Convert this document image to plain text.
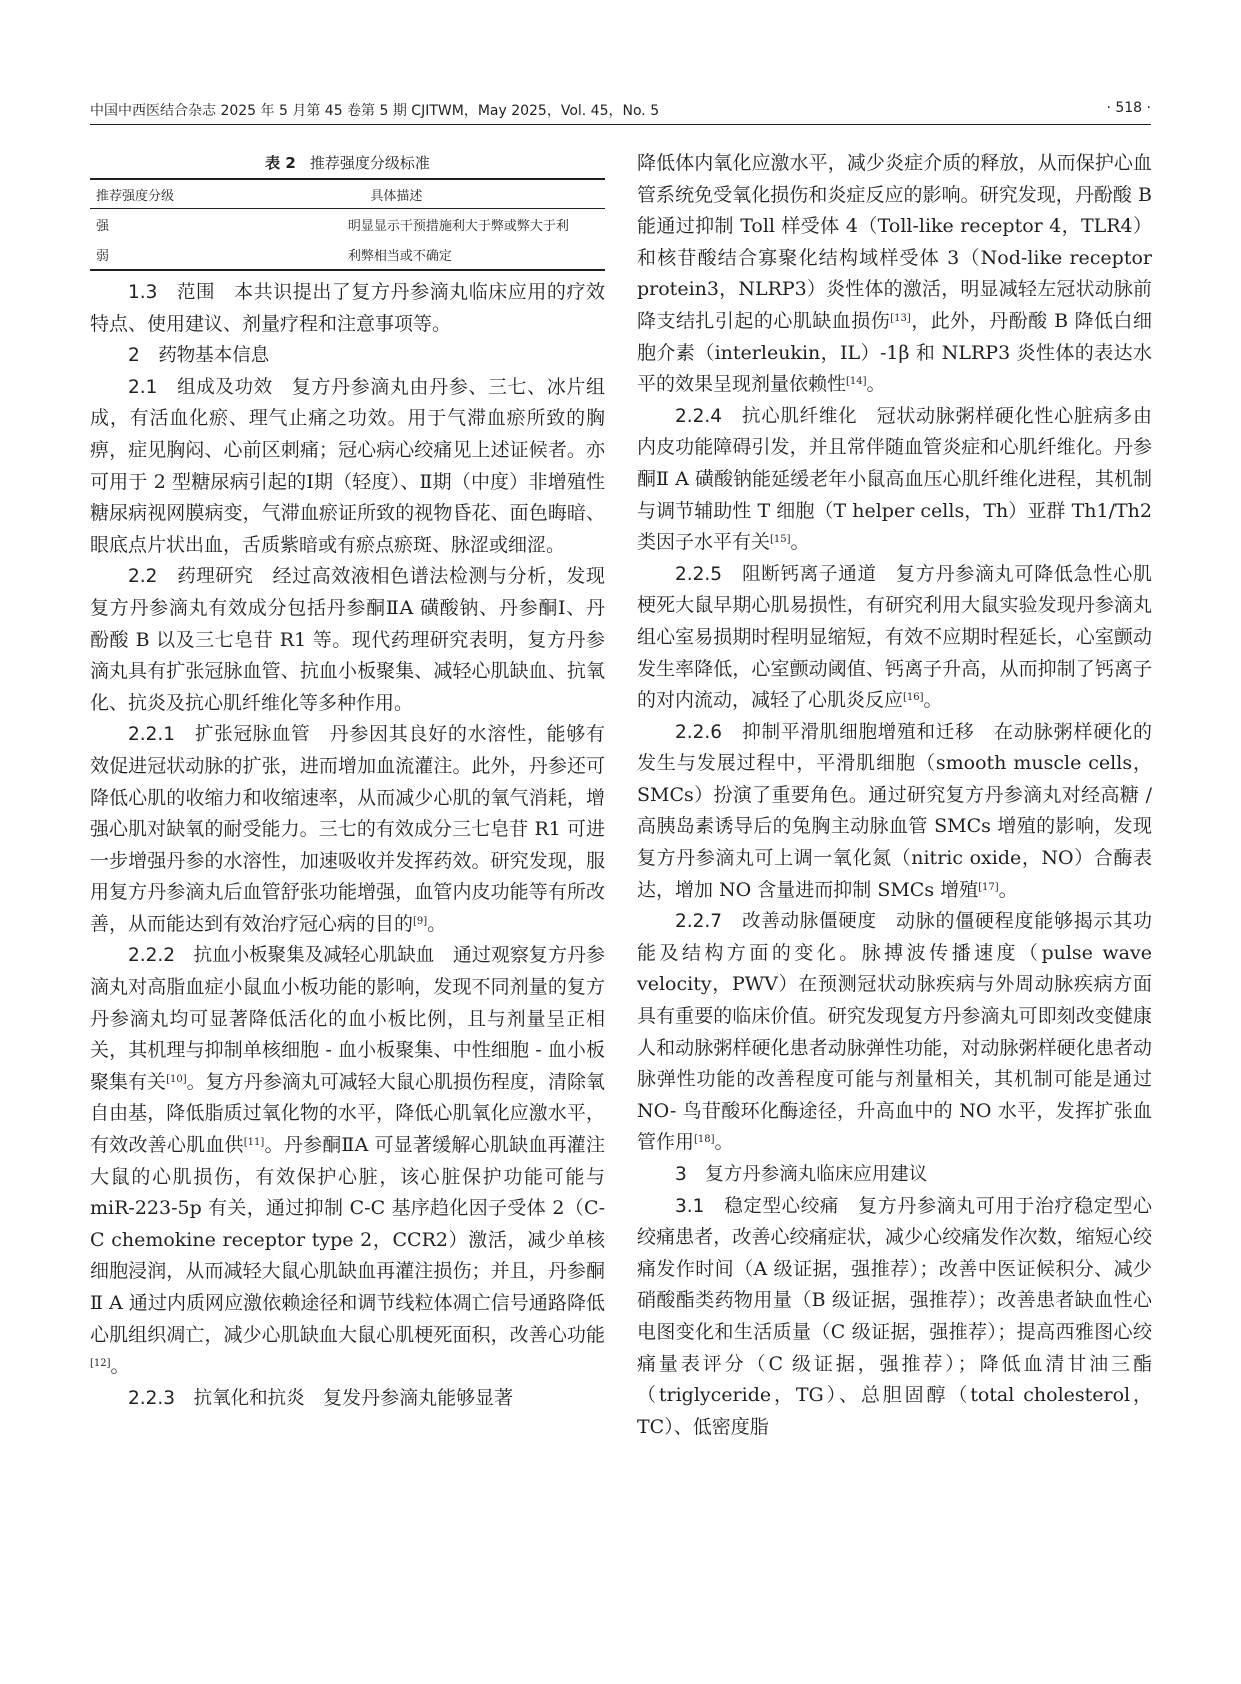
中国中西医结合杂志 2025 年 5 月第 45 卷第 5 期 CJITWM，May 2025，Vol. 45，No. 5	· 518 ·
表 2 推荐强度分级标准
推荐强度分级	具体描述
强	明显显示干预措施利大于弊或弊大于利
弱	利弊相当或不确定

1.3　范围　本共识提出了复方丹参滴丸临床应用的疗效特点、使用建议、剂量疗程和注意事项等。

2　药物基本信息

2.1　组成及功效　复方丹参滴丸由丹参、三七、冰片组成，有活血化瘀、理气止痛之功效。用于气滞血瘀所致的胸痹，症见胸闷、心前区刺痛；冠心病心绞痛见上述证候者。亦可用于 2 型糖尿病引起的Ⅰ期（轻度）、Ⅱ期（中度）非增殖性糖尿病视网膜病变，气滞血瘀证所致的视物昏花、面色晦暗、眼底点片状出血，舌质紫暗或有瘀点瘀斑、脉涩或细涩。

2.2　药理研究　经过高效液相色谱法检测与分析，发现复方丹参滴丸有效成分包括丹参酮ⅡA 磺酸钠、丹参酮Ⅰ、丹酚酸 B 以及三七皂苷 R1 等。现代药理研究表明，复方丹参滴丸具有扩张冠脉血管、抗血小板聚集、减轻心肌缺血、抗氧化、抗炎及抗心肌纤维化等多种作用。

2.2.1　扩张冠脉血管　丹参因其良好的水溶性，能够有效促进冠状动脉的扩张，进而增加血流灌注。此外，丹参还可降低心肌的收缩力和收缩速率，从而减少心肌的氧气消耗，增强心肌对缺氧的耐受能力。三七的有效成分三七皂苷 R1 可进一步增强丹参的水溶性，加速吸收并发挥药效。研究发现，服用复方丹参滴丸后血管舒张功能增强，血管内皮功能等有所改善，从而能达到有效治疗冠心病的目的[9]。

2.2.2　抗血小板聚集及减轻心肌缺血　通过观察复方丹参滴丸对高脂血症小鼠血小板功能的影响，发现不同剂量的复方丹参滴丸均可显著降低活化的血小板比例，且与剂量呈正相关，其机理与抑制单核细胞 - 血小板聚集、中性细胞 - 血小板聚集有关[10]。复方丹参滴丸可减轻大鼠心肌损伤程度，清除氧自由基，降低脂质过氧化物的水平，降低心肌氧化应激水平，有效改善心肌血供[11]。丹参酮ⅡA 可显著缓解心肌缺血再灌注大鼠的心肌损伤，有效保护心脏，该心脏保护功能可能与 miR-223-5p 有关，通过抑制 C-C 基序趋化因子受体 2（C-C chemokine receptor type 2，CCR2）激活，减少单核细胞浸润，从而减轻大鼠心肌缺血再灌注损伤；并且，丹参酮Ⅱ A 通过内质网应激依赖途径和调节线粒体凋亡信号通路降低心肌组织凋亡，减少心肌缺血大鼠心肌梗死面积，改善心功能[12]。

2.2.3　抗氧化和抗炎　复发丹参滴丸能够显著

降低体内氧化应激水平，减少炎症介质的释放，从而保护心血管系统免受氧化损伤和炎症反应的影响。研究发现，丹酚酸 B 能通过抑制 Toll 样受体 4（Toll-like receptor 4，TLR4）和核苷酸结合寡聚化结构域样受体 3（Nod-like receptor protein3，NLRP3）炎性体的激活，明显减轻左冠状动脉前降支结扎引起的心肌缺血损伤[13]，此外，丹酚酸 B 降低白细胞介素（interleukin，IL）-1β 和 NLRP3 炎性体的表达水平的效果呈现剂量依赖性[14]。

2.2.4　抗心肌纤维化　冠状动脉粥样硬化性心脏病多由内皮功能障碍引发，并且常伴随血管炎症和心肌纤维化。丹参酮Ⅱ A 磺酸钠能延缓老年小鼠高血压心肌纤维化进程，其机制与调节辅助性 T 细胞（T helper cells，Th）亚群 Th1/Th2 类因子水平有关[15]。

2.2.5　阻断钙离子通道　复方丹参滴丸可降低急性心肌梗死大鼠早期心肌易损性，有研究利用大鼠实验发现丹参滴丸组心室易损期时程明显缩短，有效不应期时程延长，心室颤动发生率降低，心室颤动阈值、钙离子升高，从而抑制了钙离子的对内流动，减轻了心肌炎反应[16]。

2.2.6　抑制平滑肌细胞增殖和迁移　在动脉粥样硬化的发生与发展过程中，平滑肌细胞（smooth muscle cells，SMCs）扮演了重要角色。通过研究复方丹参滴丸对经高糖 / 高胰岛素诱导后的兔胸主动脉血管 SMCs 增殖的影响，发现复方丹参滴丸可上调一氧化氮（nitric oxide，NO）合酶表达，增加 NO 含量进而抑制 SMCs 增殖[17]。

2.2.7　改善动脉僵硬度　动脉的僵硬程度能够揭示其功能及结构方面的变化。脉搏波传播速度（pulse wave velocity，PWV）在预测冠状动脉疾病与外周动脉疾病方面具有重要的临床价值。研究发现复方丹参滴丸可即刻改变健康人和动脉粥样硬化患者动脉弹性功能，对动脉粥样硬化患者动脉弹性功能的改善程度可能与剂量相关，其机制可能是通过 NO- 鸟苷酸环化酶途径，升高血中的 NO 水平，发挥扩张血管作用[18]。

3　复方丹参滴丸临床应用建议

3.1　稳定型心绞痛　复方丹参滴丸可用于治疗稳定型心绞痛患者，改善心绞痛症状，减少心绞痛发作次数，缩短心绞痛发作时间（A 级证据，强推荐）；改善中医证候积分、减少硝酸酯类药物用量（B 级证据，强推荐）；改善患者缺血性心电图变化和生活质量（C 级证据，强推荐）；提高西雅图心绞痛量表评分（C 级证据，强推荐）；降低血清甘油三酯（triglyceride，TG）、总胆固醇（total cholesterol，TC）、低密度脂
